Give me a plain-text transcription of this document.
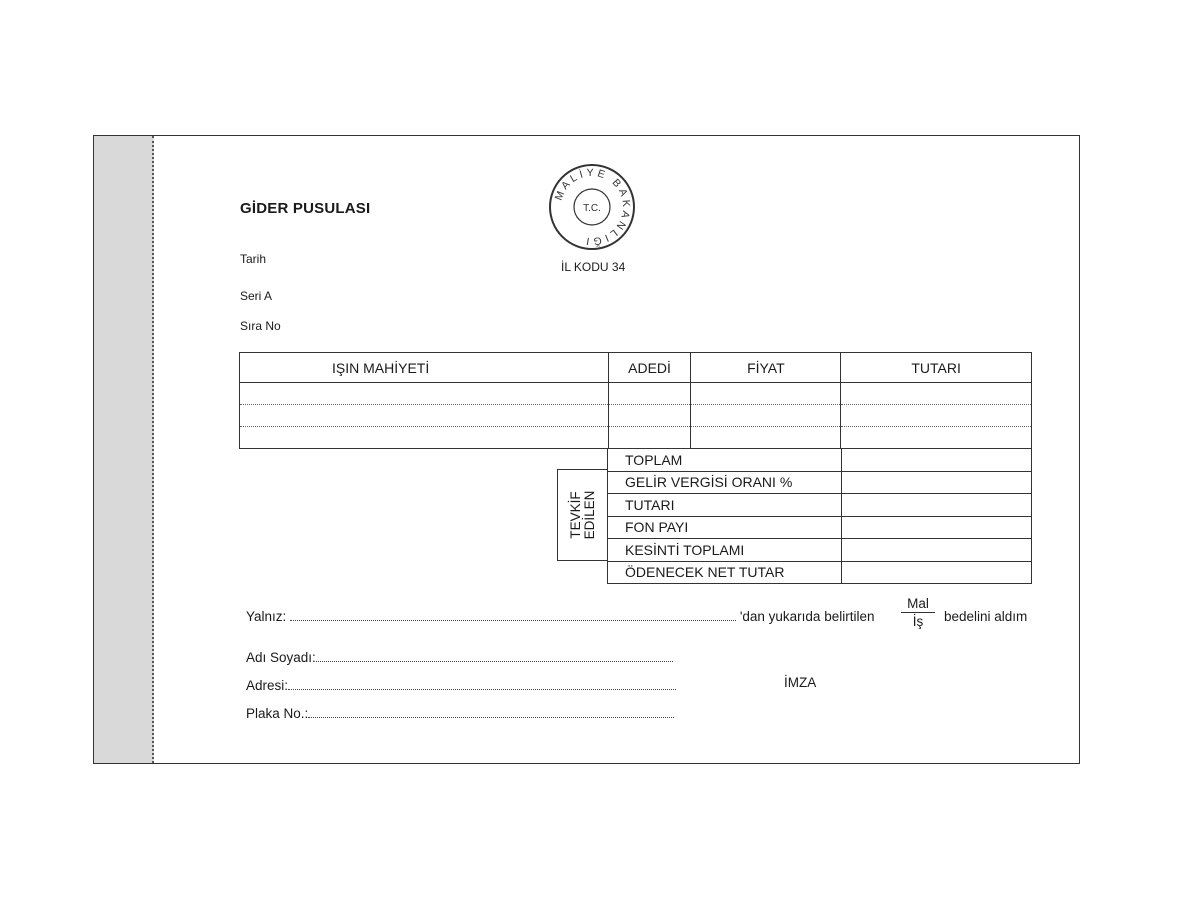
GİDER PUSULASI
Tarih
Seri A
Sıra No
MALİYE BAKANLIĞI
T.C.
İL KODU 34
IŞIN MAHİYETİ	ADEDİ	FİYAT	TUTARI

TEVKİF EDİLEN
TOPLAM	
GELİR VERGİSİ ORANI %	
TUTARI	
FON PAYI	
KESİNTİ TOPLAMI	
ÖDENECEK NET TUTAR	
Yalnız:	'dan yukarıda belirtilen
Mal
İş	bedelini aldım
Adı Soyadı:
Adresi:
Plaka No.:
İMZA
